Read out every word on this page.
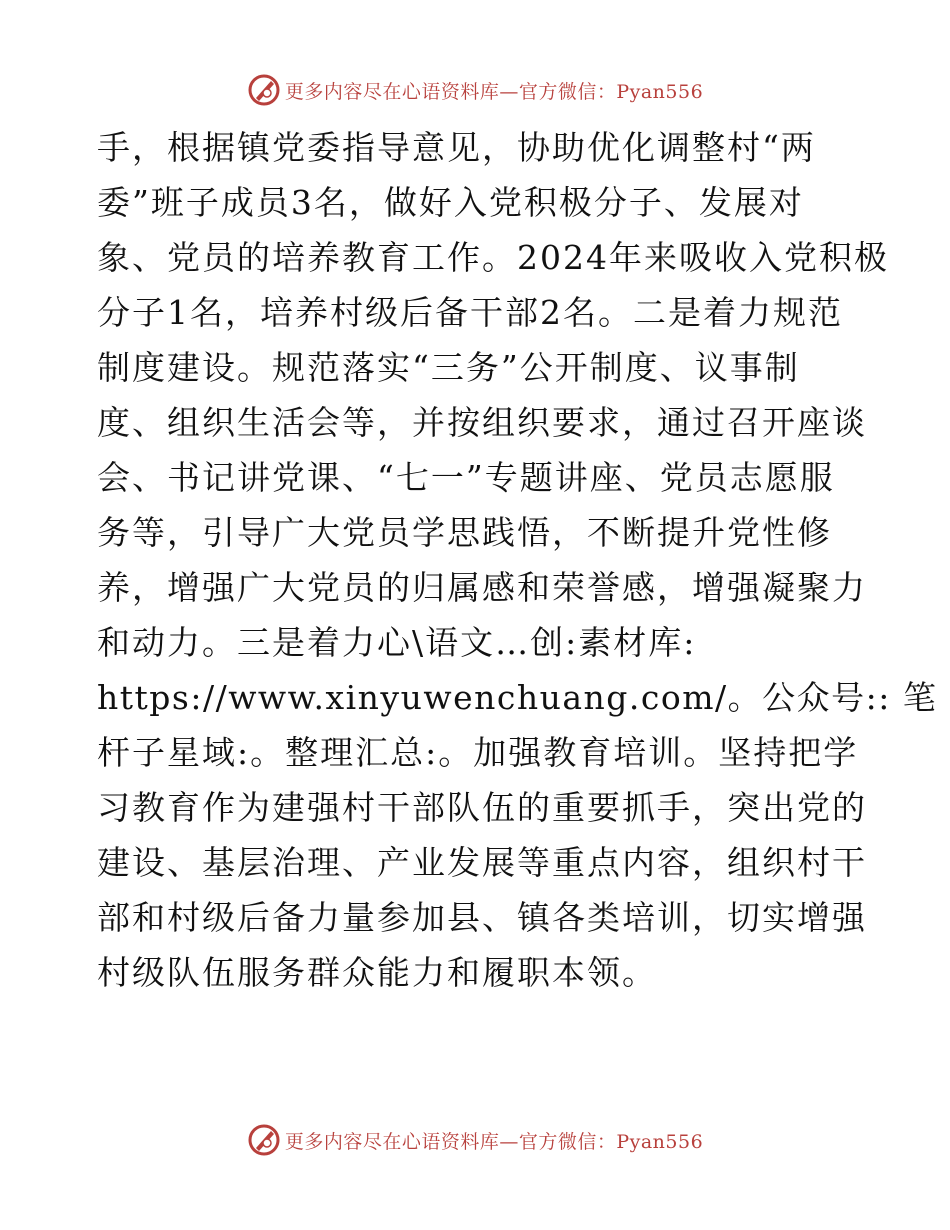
更多内容尽在心语资料库—官方微信：Pyan556
手，根据镇党委指导意见，协助优化调整村“两
委”班子成员3名，做好入党积极分子、发展对
象、党员的培养教育工作。2024年来吸收入党积极
分子1名，培养村级后备干部2名。二是着力规范
制度建设。规范落实“三务”公开制度、议事制
度、组织生活会等，并按组织要求，通过召开座谈
会、书记讲党课、“七一”专题讲座、党员志愿服
务等，引导广大党员学思践悟，不断提升党性修
养，增强广大党员的归属感和荣誉感，增强凝聚力
和动力。三是着力心\语文…创:素材库:
https://www.xinyuwenchuang.com/。公众号:: 笔
杆子星域:。整理汇总:。加强教育培训。坚持把学
习教育作为建强村干部队伍的重要抓手，突出党的
建设、基层治理、产业发展等重点内容，组织村干
部和村级后备力量参加县、镇各类培训，切实增强
村级队伍服务群众能力和履职本领。
更多内容尽在心语资料库—官方微信：Pyan556
